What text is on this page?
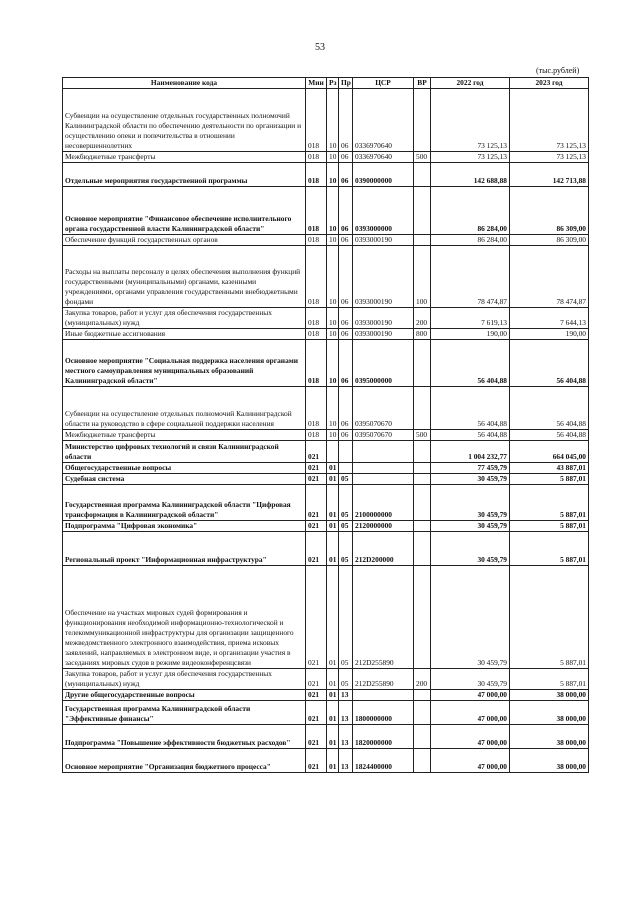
53
(тыс.рублей)
Наименование кода	Мин	Рз	Пр	ЦСР	ВР	2022 год	2023 год
Субвенции на осуществление отдельных государственных полномочий Калининградской области по обеспечению деятельности по организации и осуществлению опеки и попечительства в отношении несовершеннолетних	018	10	06	0336970640		73 125,13	73 125,13
Межбюджетные трансферты	018	10	06	0336970640	500	73 125,13	73 125,13
Отдельные мероприятия государственной программы	018	10	06	0390000000		142 688,88	142 713,88
Основное мероприятие "Финансовое обеспечение исполнительного органа государственной власти Калининградской области"	018	10	06	0393000000		86 284,00	86 309,00
Обеспечение функций государственных органов	018	10	06	0393000190		86 284,00	86 309,00
Расходы на выплаты персоналу в целях обеспечения выполнения функций государственными (муниципальными) органами, казенными учреждениями, органами управления государственными внебюджетными фондами	018	10	06	0393000190	100	78 474,87	78 474,87
Закупка товаров, работ и услуг для обеспечения государственных (муниципальных) нужд	018	10	06	0393000190	200	7 619,13	7 644,13
Иные бюджетные ассигнования	018	10	06	0393000190	800	190,00	190,00
Основное мероприятие "Социальная поддержка населения органами местного самоуправления муниципальных образований Калининградской области"	018	10	06	0395000000		56 404,88	56 404,88
Субвенции на осуществление отдельных полномочий Калининградской области на руководство в сфере социальной поддержки населения	018	10	06	0395070670		56 404,88	56 404,88
Межбюджетные трансферты	018	10	06	0395070670	500	56 404,88	56 404,88
Министерство цифровых технологий и связи Калининградской области	021					1 004 232,77	664 045,00
Общегосударственные вопросы	021	01				77 459,79	43 887,01
Судебная система	021	01	05			30 459,79	5 887,01
Государственная программа Калининградской области "Цифровая трансформация в Калининградской области"	021	01	05	2100000000		30 459,79	5 887,01
Подпрограмма "Цифровая экономика"	021	01	05	2120000000		30 459,79	5 887,01
Региональный проект "Информационная инфраструктура"	021	01	05	212D200000		30 459,79	5 887,01
Обеспечение на участках мировых судей формирования и функционирования необходимой информационно-технологической и телекоммуникационной инфраструктуры для организации защищенного межведомственного электронного взаимодействия, приема исковых заявлений, направляемых в электронном виде, и организации участия в заседаниях мировых судов в режиме видеоконференцсвязи	021	01	05	212D255890		30 459,79	5 887,01
Закупка товаров, работ и услуг для обеспечения государственных (муниципальных) нужд	021	01	05	212D255890	200	30 459,79	5 887,01
Другие общегосударственные вопросы	021	01	13			47 000,00	38 000,00
Государственная программа Калининградской области "Эффективные финансы"	021	01	13	1800000000		47 000,00	38 000,00
Подпрограмма "Повышение эффективности бюджетных расходов"	021	01	13	1820000000		47 000,00	38 000,00
Основное мероприятие "Организация бюджетного процесса"	021	01	13	1824400000		47 000,00	38 000,00
